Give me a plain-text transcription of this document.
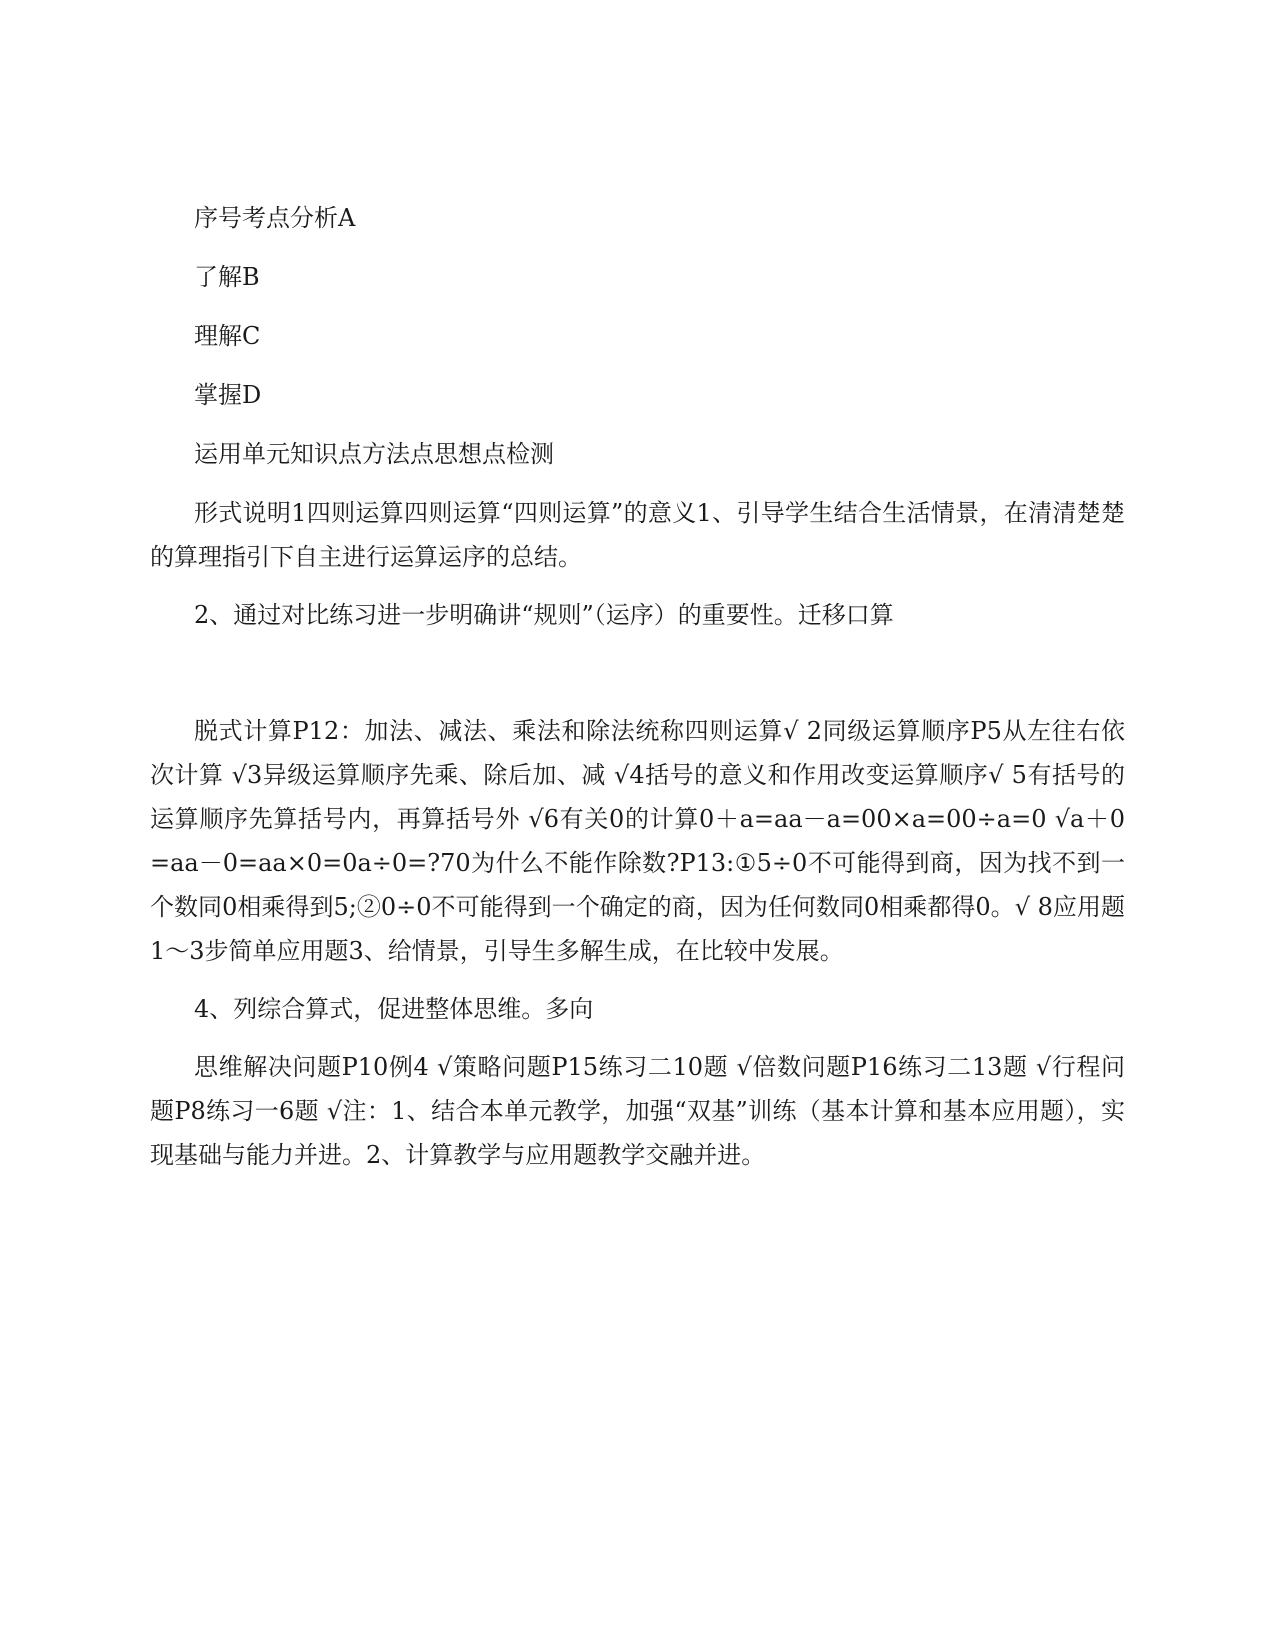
序号考点分析A

了解B

理解C

掌握D

运用单元知识点方法点思想点检测

形式说明1四则运算四则运算“四则运算”的意义1、引导学生结合生活情景，在清清楚楚的算理指引下自主进行运算运序的总结。

2、通过对比练习进一步明确讲“规则”（运序）的重要性。迁移口算

脱式计算P12：加法、减法、乘法和除法统称四则运算√ 2同级运算顺序P5从左往右依次计算 √3异级运算顺序先乘、除后加、减 √4括号的意义和作用改变运算顺序√ 5有括号的运算顺序先算括号内，再算括号外 √6有关0的计算0＋a=aa－a=00×a=00÷a=0 √a＋0=aa－0=aa×0=0a÷0=?70为什么不能作除数?P13:①5÷0不可能得到商，因为找不到一个数同0相乘得到5;②0÷0不可能得到一个确定的商，因为任何数同0相乘都得0。√ 8应用题1～3步简单应用题3、给情景，引导生多解生成，在比较中发展。

4、列综合算式，促进整体思维。多向

思维解决问题P10例4 √策略问题P15练习二10题 √倍数问题P16练习二13题 √行程问题P8练习一6题 √注：1、结合本单元教学，加强“双基”训练（基本计算和基本应用题），实现基础与能力并进。2、计算教学与应用题教学交融并进。
